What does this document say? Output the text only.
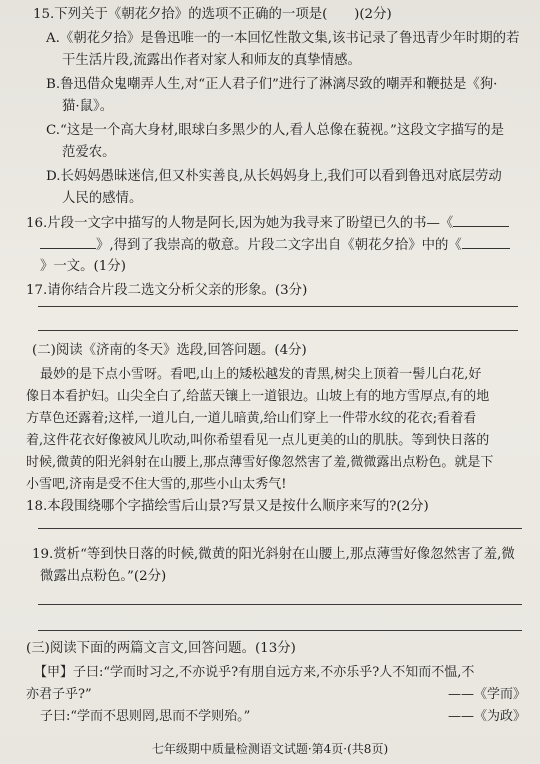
15.下列关于《朝花夕拾》的选项不正确的一项是(　　)(2分)
A.《朝花夕拾》是鲁迅唯一的一本回忆性散文集,该书记录了鲁迅青少年时期的若
干生活片段,流露出作者对家人和师友的真挚情感。
B.鲁迅借众鬼嘲弄人生,对“正人君子们”进行了淋漓尽致的嘲弄和鞭挞是《狗·
猫·鼠》。
C.“这是一个高大身材,眼球白多黑少的人,看人总像在藐视。”这段文字描写的是
范爱农。
D.长妈妈愚昧迷信,但又朴实善良,从长妈妈身上,我们可以看到鲁迅对底层劳动
人民的感情。
16.片段一文字中描写的人物是阿长,因为她为我寻来了盼望已久的书—《
》,得到了我崇高的敬意。片段二文字出自《朝花夕拾》中的《
》一文。(1分)
17.请你结合片段二选文分析父亲的形象。(3分)
(二)阅读《济南的冬天》选段,回答问题。(4分)
最妙的是下点小雪呀。看吧,山上的矮松越发的青黑,树尖上顶着一髻儿白花,好
像日本看护妇。山尖全白了,给蓝天镶上一道银边。山坡上有的地方雪厚点,有的地
方草色还露着;这样,一道儿白,一道儿暗黄,给山们穿上一件带水纹的花衣;看着看
着,这件花衣好像被风儿吹动,叫你希望看见一点儿更美的山的肌肤。等到快日落的
时候,微黄的阳光斜射在山腰上,那点薄雪好像忽然害了羞,微微露出点粉色。就是下
小雪吧,济南是受不住大雪的,那些小山太秀气!
18.本段围绕哪个字描绘雪后山景?写景又是按什么顺序来写的?(2分)
19.赏析“等到快日落的时候,微黄的阳光斜射在山腰上,那点薄雪好像忽然害了羞,微
微露出点粉色。”(2分)
(三)阅读下面的两篇文言文,回答问题。(13分)
【甲】子曰:“学而时习之,不亦说乎?有朋自远方来,不亦乐乎?人不知而不愠,不
亦君子乎?”	——《学而》
子曰:“学而不思则罔,思而不学则殆。”	——《为政》
七年级期中质量检测语文试题·第4页·(共8页)
